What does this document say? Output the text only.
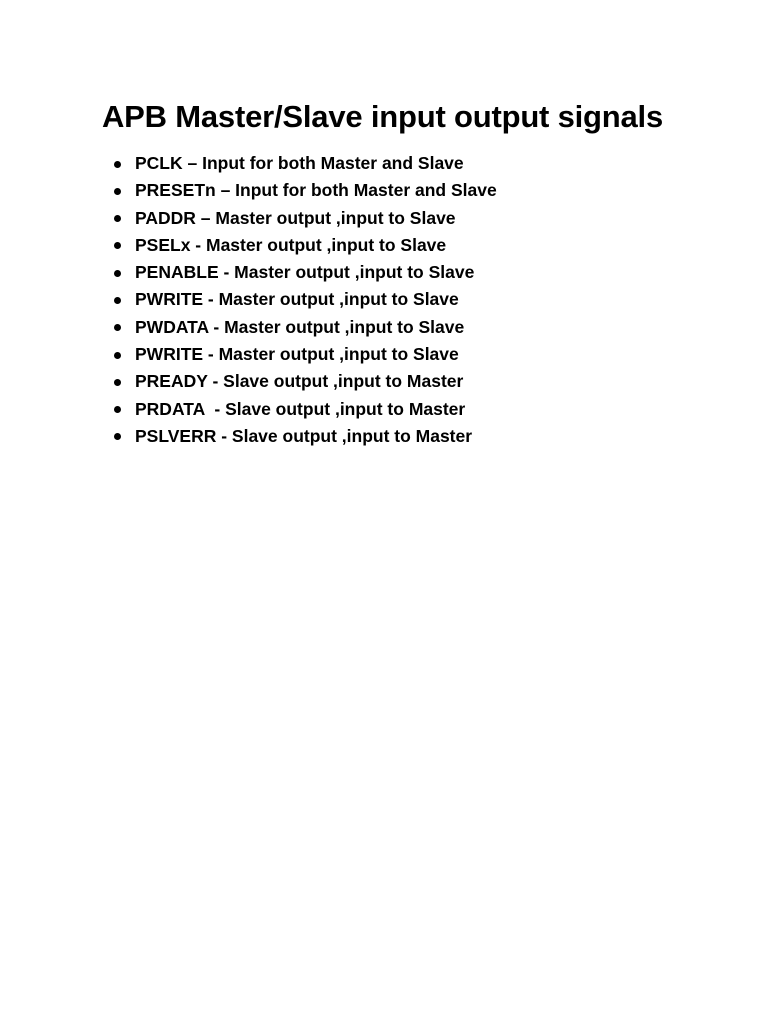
APB Master/Slave input output signals

PCLK – Input for both Master and Slave

PRESETn – Input for both Master and Slave

PADDR – Master output ,input to Slave

PSELx - Master output ,input to Slave

PENABLE - Master output ,input to Slave

PWRITE - Master output ,input to Slave

PWDATA - Master output ,input to Slave

PWRITE - Master output ,input to Slave

PREADY - Slave output ,input to Master

PRDATA  - Slave output ,input to Master

PSLVERR - Slave output ,input to Master
